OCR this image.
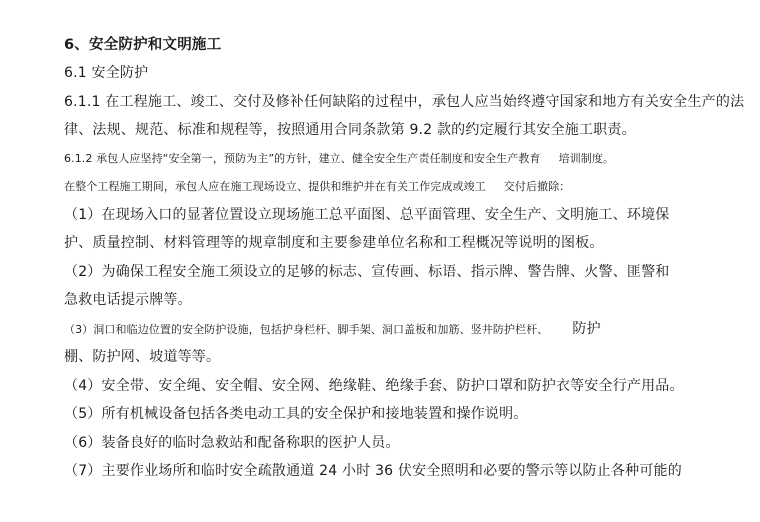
6、安全防护和文明施工
6.1 安全防护
6.1.1 在工程施工、竣工、交付及修补任何缺陷的过程中，承包人应当始终遵守国家和地方有关安全生产的法
律、法规、规范、标准和规程等，按照通用合同条款第 9.2 款的约定履行其安全施工职责。
6.1.2 承包人应坚持“安全第一，预防为主”的方针，建立、健全安全生产责任制度和安全生产教育 培训制度。
在整个工程施工期间，承包人应在施工现场设立、提供和维护并在有关工作完成或竣工 交付后撤除：
（1）在现场入口的显著位置设立现场施工总平面图、总平面管理、安全生产、文明施工、环境保
护、质量控制、材料管理等的规章制度和主要参建单位名称和工程概况等说明的图板。
（2）为确保工程安全施工须设立的足够的标志、宣传画、标语、指示牌、警告牌、火警、匪警和
急救电话提示牌等。
（3）洞口和临边位置的安全防护设施，包括护身栏杆、脚手架、洞口盖板和加筋、竖井防护栏杆、 防护
棚、防护网、坡道等等。
（4）安全带、安全绳、安全帽、安全网、绝缘鞋、绝缘手套、防护口罩和防护衣等安全行产用品。
（5）所有机械设备包括各类电动工具的安全保护和接地装置和操作说明。
（6）装备良好的临时急救站和配备称职的医护人员。
（7）主要作业场所和临时安全疏散通道 24 小时 36 伏安全照明和必要的警示等以防止各种可能的
